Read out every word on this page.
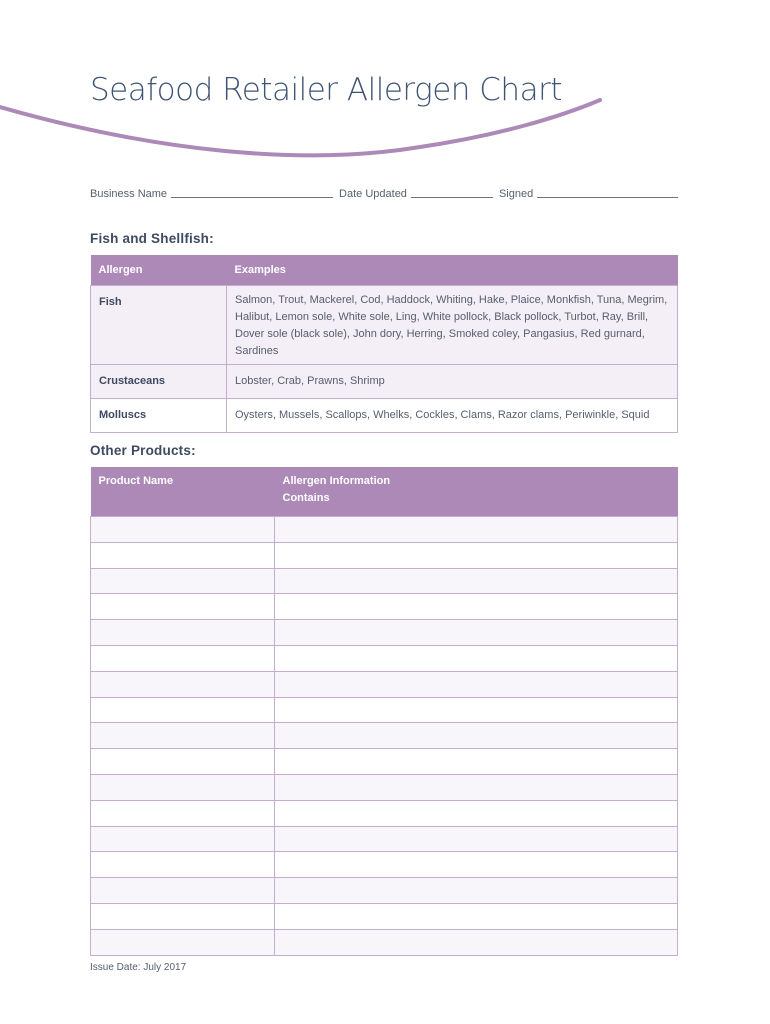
Seafood Retailer Allergen Chart
Business Name	Date Updated	Signed
Fish and Shellfish:
Allergen	Examples
Fish	Salmon, Trout, Mackerel, Cod, Haddock, Whiting, Hake, Plaice, Monkfish, Tuna, Megrim, Halibut, Lemon sole, White sole, Ling, White pollock, Black pollock, Turbot, Ray, Brill, Dover sole (black sole), John dory, Herring, Smoked coley, Pangasius, Red gurnard, Sardines
Crustaceans	Lobster, Crab, Prawns, Shrimp
Molluscs	Oysters, Mussels, Scallops, Whelks, Cockles, Clams, Razor clams, Periwinkle, Squid
Other Products:
Product Name	Allergen Information
Contains

Issue Date: July 2017
